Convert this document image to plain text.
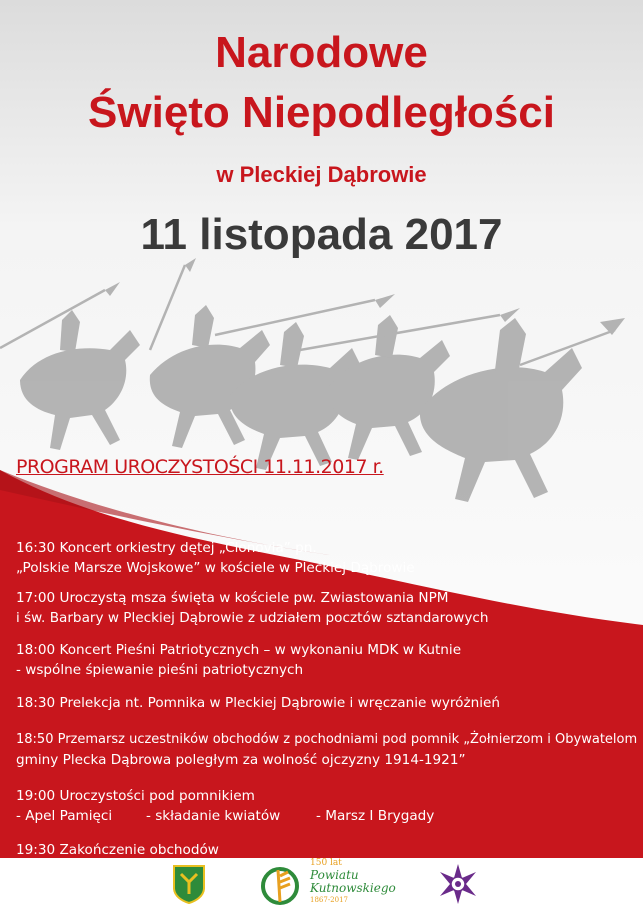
Narodowe
Święto Niepodległości
w Pleckiej Dąbrowie
11 listopada 2017
PROGRAM UROCZYSTOŚCI 11.11.2017 r.
16:30 Koncert orkiestry dętej „Clonovia” pn.
„Polskie Marsze Wojskowe” w kościele w Pleckiej Dąbrowie
17:00 Uroczystą msza święta w kościele pw. Zwiastowania NPM
i św. Barbary w Pleckiej Dąbrowie z udziałem pocztów sztandarowych
18:00 Koncert Pieśni Patriotycznych – w wykonaniu MDK w Kutnie
- wspólne śpiewanie pieśni patriotycznych
18:30 Prelekcja nt. Pomnika w Pleckiej Dąbrowie i wręczanie wyróżnień
18:50 Przemarsz uczestników obchodów z pochodniami pod pomnik „Żołnierzom i Obywatelom
gminy Plecka Dąbrowa poległym za wolność ojczyzny 1914-1921”
19:00 Uroczystości pod pomnikiem
- Apel Pamięci	- składanie kwiatów	- Marsz I Brygady
19:30 Zakończenie obchodów
150 lat
Powiatu
Kutnowskiego
1867-2017
